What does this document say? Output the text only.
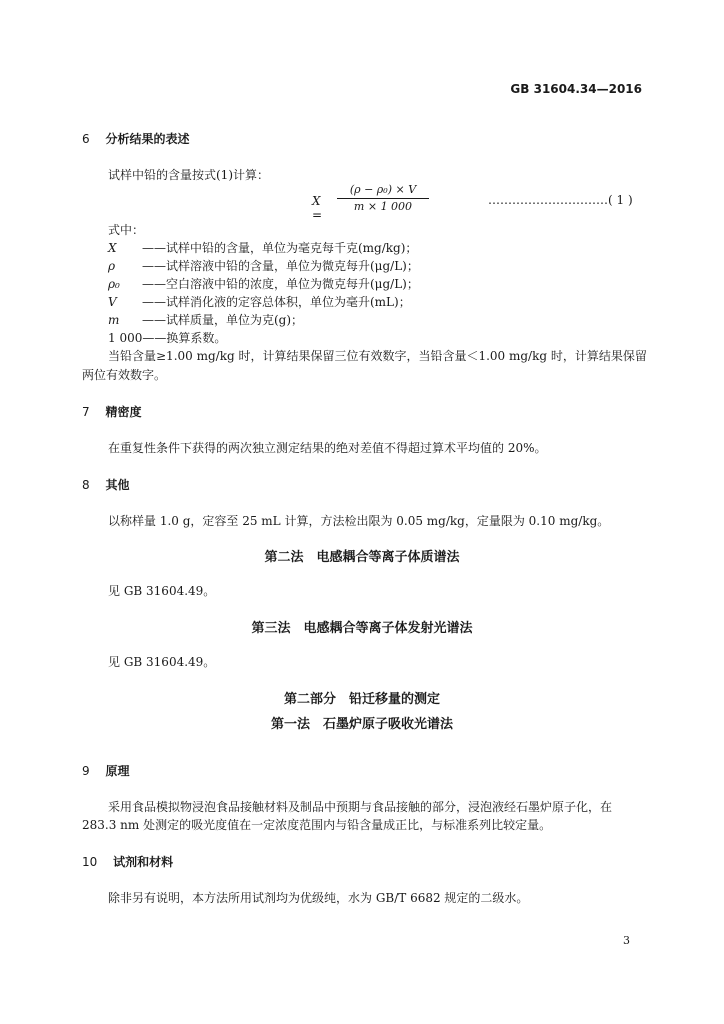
GB 31604.34—2016
6 分析结果的表述
试样中铅的含量按式(1)计算：
X =
(ρ − ρ₀) × V
m × 1 000	…………………………( 1 )
式中：
X ——试样中铅的含量，单位为毫克每千克(mg/kg)；
ρ ——试样溶液中铅的含量，单位为微克每升(μg/L)；
ρ₀ ——空白溶液中铅的浓度，单位为微克每升(μg/L)；
V ——试样消化液的定容总体积，单位为毫升(mL)；
m ——试样质量，单位为克(g)；
1 000——换算系数。
当铅含量≥1.00 mg/kg 时，计算结果保留三位有效数字，当铅含量＜1.00 mg/kg 时，计算结果保留
两位有效数字。
7 精密度
在重复性条件下获得的两次独立测定结果的绝对差值不得超过算术平均值的 20%。
8 其他
以称样量 1.0 g，定容至 25 mL 计算，方法检出限为 0.05 mg/kg，定量限为 0.10 mg/kg。
第二法　电感耦合等离子体质谱法
见 GB 31604.49。
第三法　电感耦合等离子体发射光谱法
见 GB 31604.49。
第二部分　铅迁移量的测定
第一法　石墨炉原子吸收光谱法
9 原理
采用食品模拟物浸泡食品接触材料及制品中预期与食品接触的部分，浸泡液经石墨炉原子化，在
283.3 nm 处测定的吸光度值在一定浓度范围内与铅含量成正比，与标准系列比较定量。
10 试剂和材料
除非另有说明，本方法所用试剂均为优级纯，水为 GB/T 6682 规定的二级水。
3
